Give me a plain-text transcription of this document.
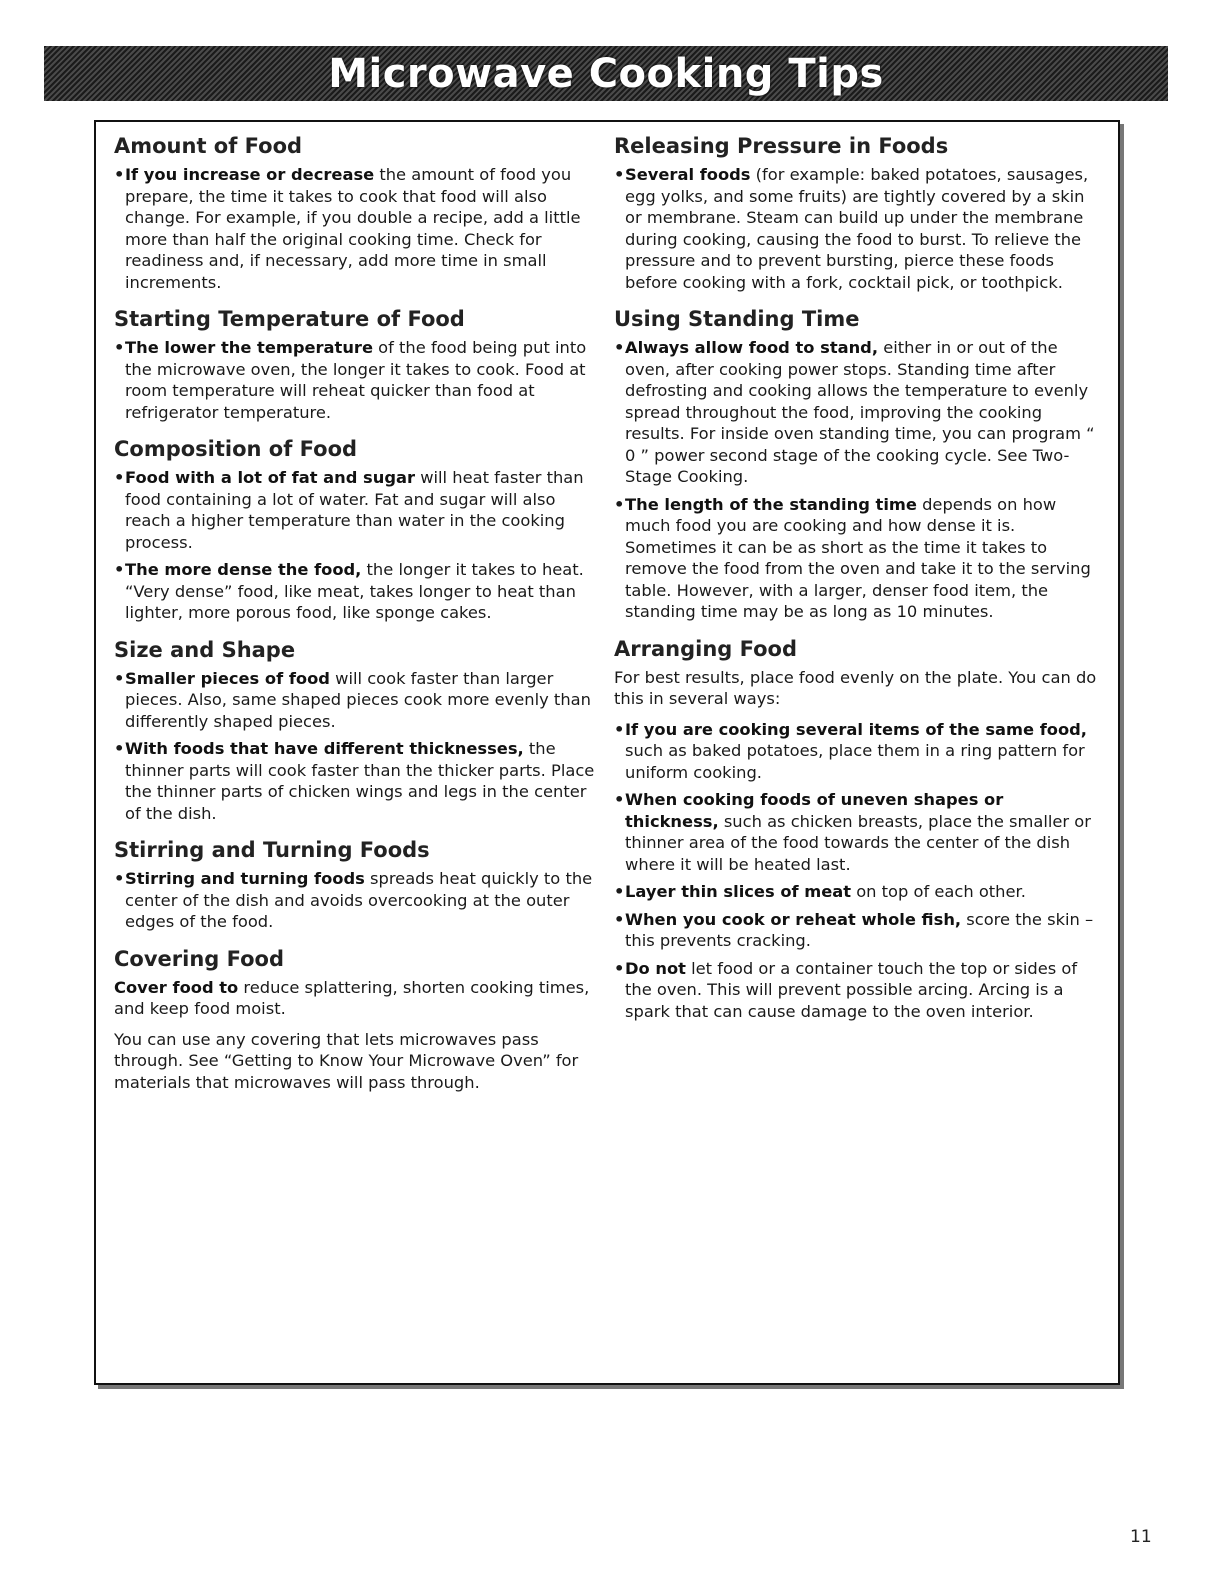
Microwave Cooking Tips
Amount of Food

• If you increase or decrease the amount of food you prepare, the time it takes to cook that food will also change. For example, if you double a recipe, add a little more than half the original cooking time. Check for readiness and, if necessary, add more time in small increments.

Starting Temperature of Food

• The lower the temperature of the food being put into the microwave oven, the longer it takes to cook. Food at room temperature will reheat quicker than food at refrigerator temperature.

Composition of Food

• Food with a lot of fat and sugar will heat faster than food containing a lot of water. Fat and sugar will also reach a higher temperature than water in the cooking process.

• The more dense the food, the longer it takes to heat. “Very dense” food, like meat, takes longer to heat than lighter, more porous food, like sponge cakes.

Size and Shape

• Smaller pieces of food will cook faster than larger pieces. Also, same shaped pieces cook more evenly than differently shaped pieces.

• With foods that have different thicknesses, the thinner parts will cook faster than the thicker parts. Place the thinner parts of chicken wings and legs in the center of the dish.

Stirring and Turning Foods

• Stirring and turning foods spreads heat quickly to the center of the dish and avoids overcooking at the outer edges of the food.

Covering Food

Cover food to reduce splattering, shorten cooking times, and keep food moist.

You can use any covering that lets microwaves pass through. See “Getting to Know Your Microwave Oven” for materials that microwaves will pass through.

Releasing Pressure in Foods

• Several foods (for example: baked potatoes, sausages, egg yolks, and some fruits) are tightly covered by a skin or membrane. Steam can build up under the membrane during cooking, causing the food to burst. To relieve the pressure and to prevent bursting, pierce these foods before cooking with a fork, cocktail pick, or toothpick.

Using Standing Time

• Always allow food to stand, either in or out of the oven, after cooking power stops. Standing time after defrosting and cooking allows the temperature to evenly spread throughout the food, improving the cooking results. For inside oven standing time, you can program “ 0 ” power second stage of the cooking cycle. See Two-Stage Cooking.

• The length of the standing time depends on how much food you are cooking and how dense it is. Sometimes it can be as short as the time it takes to remove the food from the oven and take it to the serving table. However, with a larger, denser food item, the standing time may be as long as 10 minutes.

Arranging Food

For best results, place food evenly on the plate. You can do this in several ways:

• If you are cooking several items of the same food, such as baked potatoes, place them in a ring pattern for uniform cooking.

• When cooking foods of uneven shapes or thickness, such as chicken breasts, place the smaller or thinner area of the food towards the center of the dish where it will be heated last.

• Layer thin slices of meat on top of each other.

• When you cook or reheat whole fish, score the skin – this prevents cracking.

• Do not let food or a container touch the top or sides of the oven. This will prevent possible arcing. Arcing is a spark that can cause damage to the oven interior.

11
